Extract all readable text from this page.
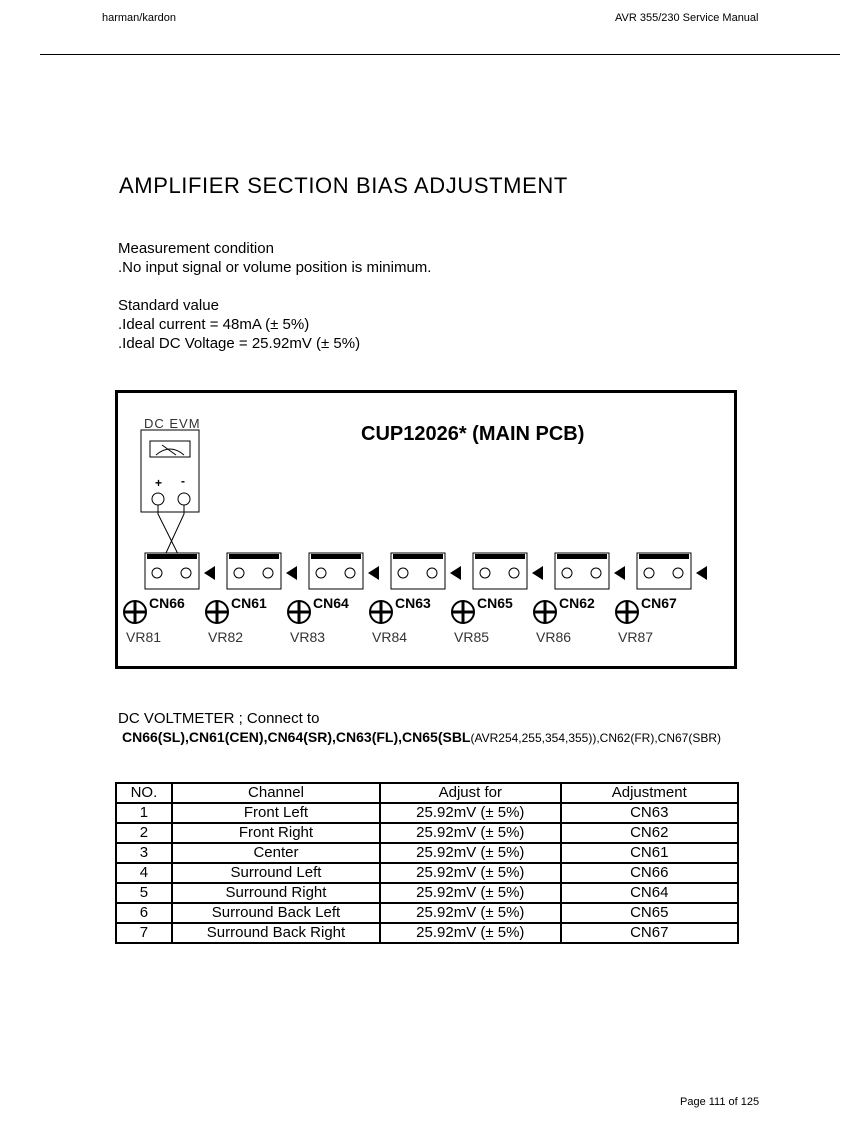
harman/kardon	AVR 355/230 Service Manual
AMPLIFIER SECTION BIAS ADJUSTMENT
Measurement condition
.No input signal or volume position is minimum.
Standard value
.Ideal current = 48mA (± 5%)
.Ideal DC Voltage = 25.92mV (± 5%)
CUP12026* (MAIN PCB)
DC EVM
+ -
CN66
VR81
CN61
VR82
CN64
VR83
CN63
VR84
CN65
VR85
CN62
VR86
CN67
VR87
DC VOLTMETER ; Connect to
CN66(SL),CN61(CEN),CN64(SR),CN63(FL),CN65(SBL(AVR254,255,354,355)),CN62(FR),CN67(SBR)
NO.	Channel	Adjust for	Adjustment
1	Front Left	25.92mV (± 5%)	CN63
2	Front Right	25.92mV (± 5%)	CN62
3	Center	25.92mV (± 5%)	CN61
4	Surround Left	25.92mV (± 5%)	CN66
5	Surround Right	25.92mV (± 5%)	CN64
6	Surround Back Left	25.92mV (± 5%)	CN65
7	Surround Back Right	25.92mV (± 5%)	CN67
Page 111 of 125
